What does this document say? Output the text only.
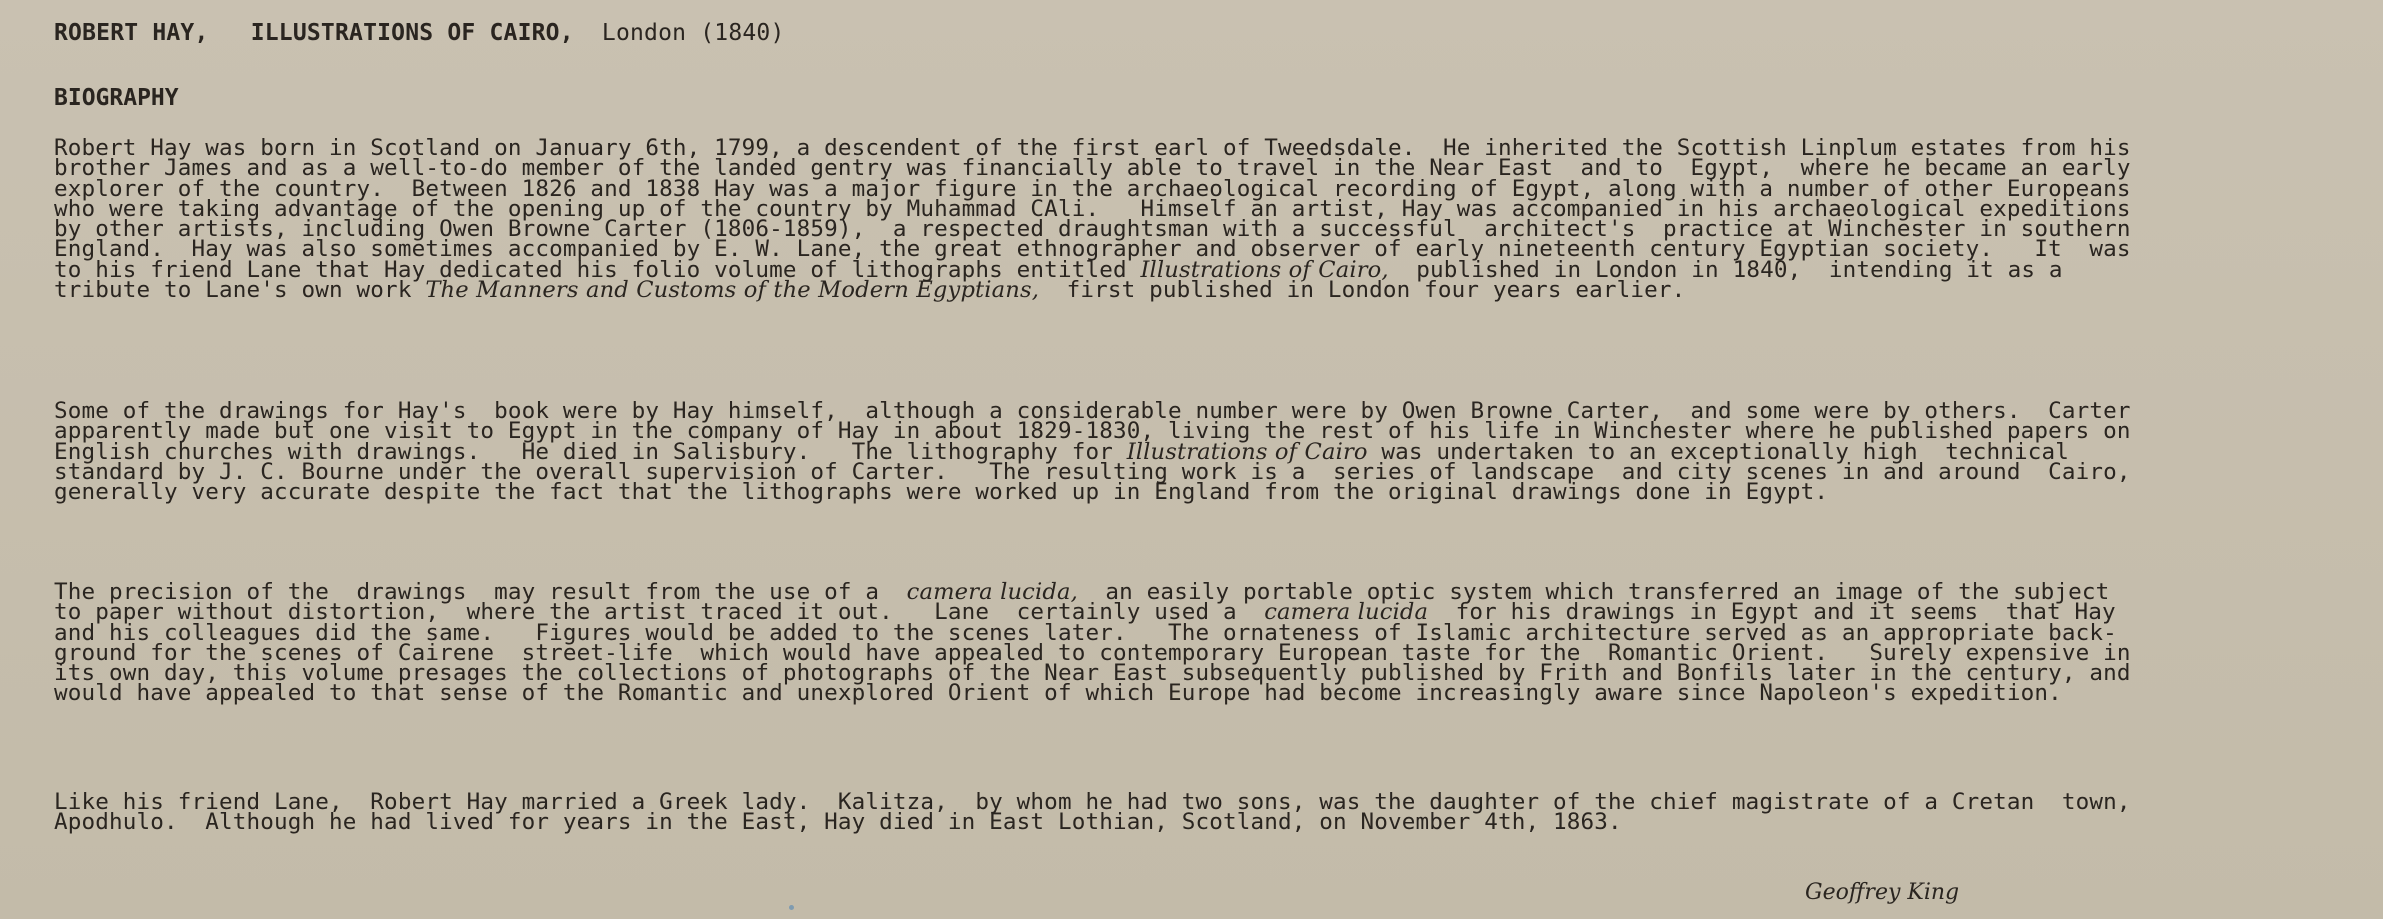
ROBERT HAY, ILLUSTRATIONS OF CAIRO, London (1840)
BIOGRAPHY
Robert Hay was born in Scotland on January 6th, 1799, a descendent of the first earl of Tweedsdale.  He inherited the Scottish Linplum estates from his
brother James and as a well-to-do member of the landed gentry was financially able to travel in the Near East  and to  Egypt,  where he became an early
explorer of the country.  Between 1826 and 1838 Hay was a major figure in the archaeological recording of Egypt, along with a number of other Europeans
who were taking advantage of the opening up of the country by Muhammad CAli.   Himself an artist, Hay was accompanied in his archaeological expeditions
by other artists, including Owen Browne Carter (1806-1859),  a respected draughtsman with a successful  architect's  practice at Winchester in southern
England.  Hay was also sometimes accompanied by E. W. Lane, the great ethnographer and observer of early nineteenth century Egyptian society.   It  was
to his friend Lane that Hay dedicated his folio volume of lithographs entitled Illustrations of Cairo,  published in London in 1840,  intending it as a
tribute to Lane's own work The Manners and Customs of the Modern Egyptians,  first published in London four years earlier.
Some of the drawings for Hay's  book were by Hay himself,  although a considerable number were by Owen Browne Carter,  and some were by others.  Carter
apparently made but one visit to Egypt in the company of Hay in about 1829-1830, living the rest of his life in Winchester where he published papers on
English churches with drawings.   He died in Salisbury.   The lithography for Illustrations of Cairo was undertaken to an exceptionally high  technical
standard by J. C. Bourne under the overall supervision of Carter.   The resulting work is a  series of landscape  and city scenes in and around  Cairo,
generally very accurate despite the fact that the lithographs were worked up in England from the original drawings done in Egypt.
The precision of the  drawings  may result from the use of a  camera lucida,  an easily portable optic system which transferred an image of the subject
to paper without distortion,  where the artist traced it out.   Lane  certainly used a  camera lucida  for his drawings in Egypt and it seems  that Hay
and his colleagues did the same.   Figures would be added to the scenes later.   The ornateness of Islamic architecture served as an appropriate back-
ground for the scenes of Cairene  street-life  which would have appealed to contemporary European taste for the  Romantic Orient.   Surely expensive in
its own day, this volume presages the collections of photographs of the Near East subsequently published by Frith and Bonfils later in the century, and
would have appealed to that sense of the Romantic and unexplored Orient of which Europe had become increasingly aware since Napoleon's expedition.
Like his friend Lane,  Robert Hay married a Greek lady.  Kalitza,  by whom he had two sons, was the daughter of the chief magistrate of a Cretan  town,
Apodhulo.  Although he had lived for years in the East, Hay died in East Lothian, Scotland, on November 4th, 1863.
Geoffrey King
